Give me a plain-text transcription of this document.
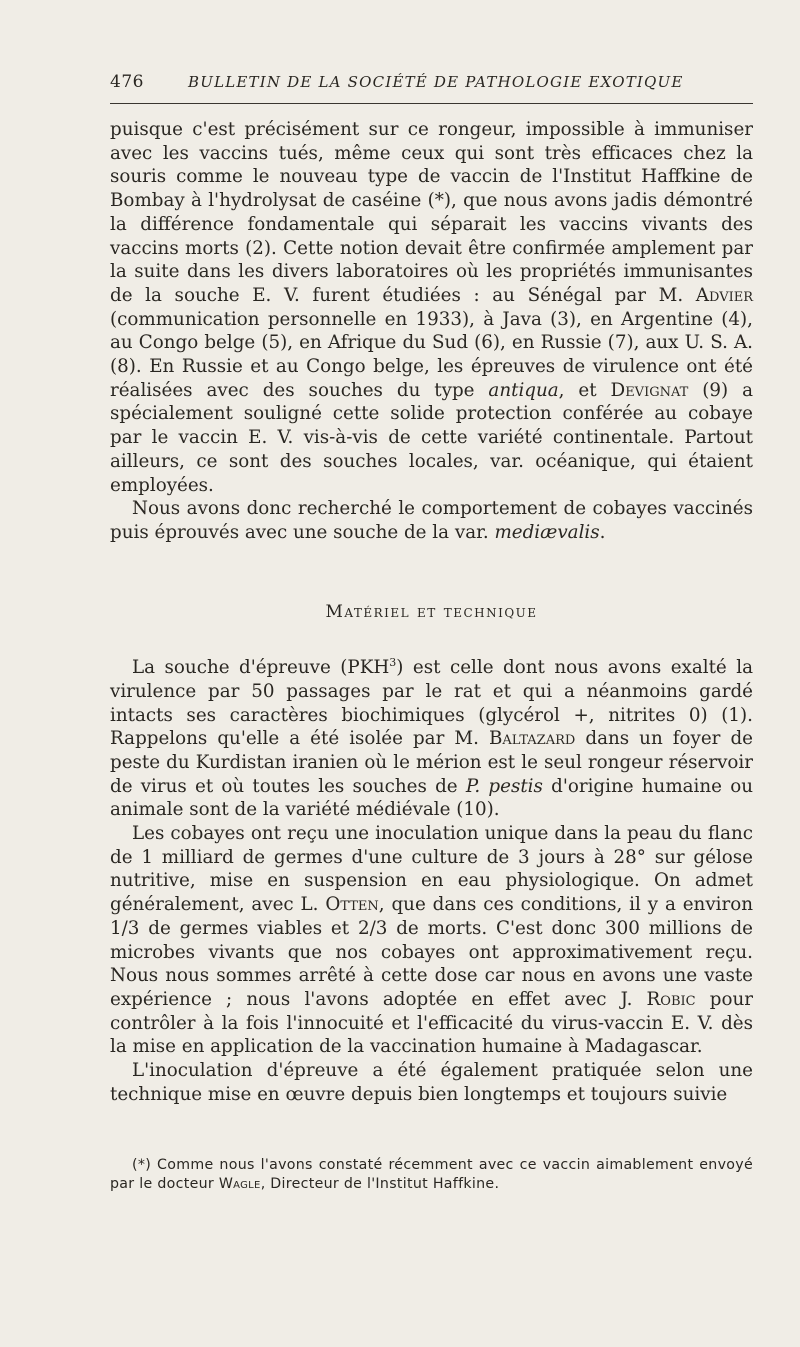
476	BULLETIN DE LA SOCIÉTÉ DE PATHOLOGIE EXOTIQUE

puisque c'est précisément sur ce rongeur, impossible à immuniser avec les vaccins tués, même ceux qui sont très efficaces chez la souris comme le nouveau type de vaccin de l'Institut Haffkine de Bombay à l'hydrolysat de caséine (*), que nous avons jadis démontré la différence fondamentale qui séparait les vaccins vivants des vaccins morts (2). Cette notion devait être confirmée amplement par la suite dans les divers laboratoires où les propriétés immunisantes de la souche E. V. furent étudiées : au Sénégal par M. Advier (communication personnelle en 1933), à Java (3), en Argentine (4), au Congo belge (5), en Afrique du Sud (6), en Russie (7), aux U. S. A. (8). En Russie et au Congo belge, les épreuves de virulence ont été réalisées avec des souches du type antiqua, et Devignat (9) a spécialement souligné cette solide protection conférée au cobaye par le vaccin E. V. vis-à-vis de cette variété continentale. Partout ailleurs, ce sont des souches locales, var. océanique, qui étaient employées.

Nous avons donc recherché le comportement de cobayes vaccinés puis éprouvés avec une souche de la var. mediævalis.

Matériel et technique

La souche d'épreuve (PKH$^3$) est celle dont nous avons exalté la virulence par 50 passages par le rat et qui a néanmoins gardé intacts ses caractères biochimiques (glycérol +, nitrites 0) (1). Rappelons qu'elle a été isolée par M. Baltazard dans un foyer de peste du Kurdistan iranien où le mérion est le seul rongeur réservoir de virus et où toutes les souches de P. pestis d'origine humaine ou animale sont de la variété médiévale (10).

Les cobayes ont reçu une inoculation unique dans la peau du flanc de 1 milliard de germes d'une culture de 3 jours à 28° sur gélose nutritive, mise en suspension en eau physiologique. On admet généralement, avec L. Otten, que dans ces conditions, il y a environ 1/3 de germes viables et 2/3 de morts. C'est donc 300 millions de microbes vivants que nos cobayes ont approximativement reçu. Nous nous sommes arrêté à cette dose car nous en avons une vaste expérience ; nous l'avons adoptée en effet avec J. Robic pour contrôler à la fois l'innocuité et l'efficacité du virus-vaccin E. V. dès la mise en application de la vaccination humaine à Madagascar.

L'inoculation d'épreuve a été également pratiquée selon une technique mise en œuvre depuis bien longtemps et toujours suivie

(*) Comme nous l'avons constaté récemment avec ce vaccin aimablement envoyé par le docteur Wagle, Directeur de l'Institut Haffkine.
